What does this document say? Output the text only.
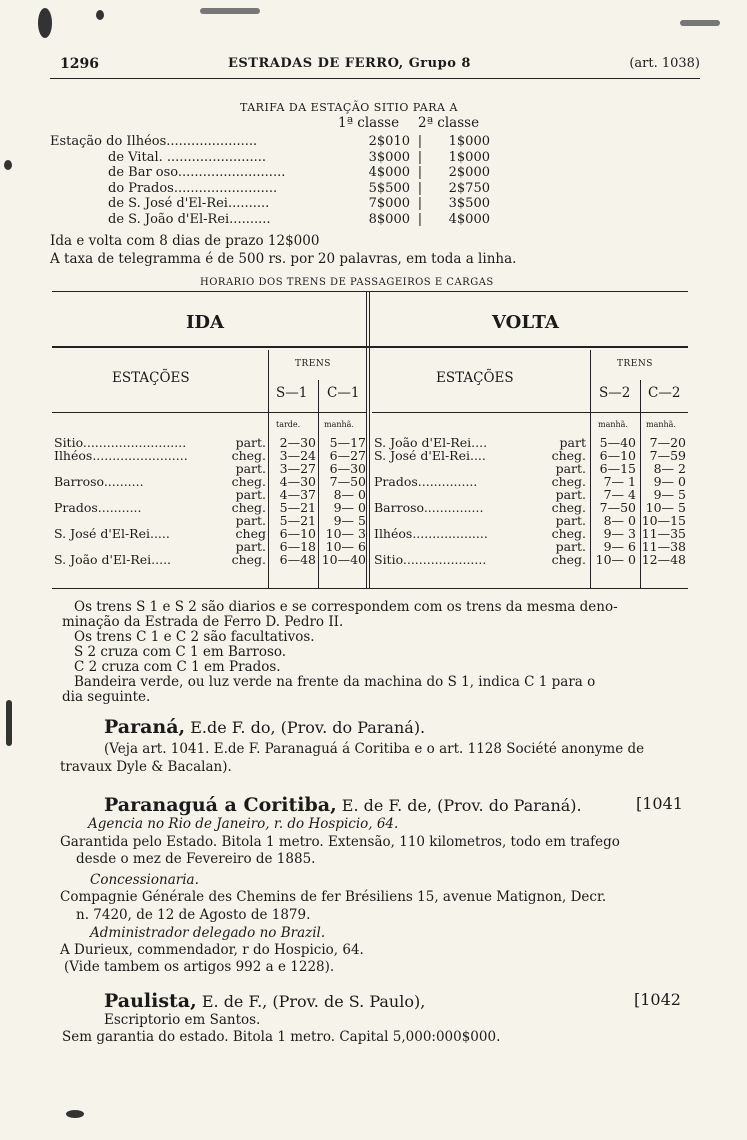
1296	ESTRADAS DE FERRO, Grupo 8	(art. 1038)
TARIFA DA ESTAÇÃO SITIO PARA A
1ª classe 2ª classe
Estação do Ilhéos......................	2$010	|	1$000
de Vital. ........................	3$000	|	1$000
de Bar oso..........................	4$000	|	2$000
do Prados.........................	5$500	|	2$750
de S. José d'El-Rei..........	7$000	|	3$500
de S. João d'El-Rei..........	8$000	|	4$000
Ida e volta com 8 dias de prazo 12$000
A taxa de telegramma é de 500 rs. por 20 palavras, em toda a linha.
HORARIO DOS TRENS DE PASSAGEIROS E CARGAS
IDA	VOLTA
ESTAÇÕES
TRENS
S—1 C—1
tarde.	manhã.
ESTAÇÕES
TRENS
S—2 C—2
manhã. manhã.
Sitio..........................	part.	2—30	5—17
Ilhéos........................	cheg.	3—24	6—27
	part.	3—27	6—30
Barroso..........	cheg.	4—30	7—50
	part.	4—37	8— 0
Prados...........	cheg.	5—21	9— 0
	part.	5—21	9— 5
S. José d'El-Rei.....	cheg	6—10	10— 3
	part.	6—18	10— 6
S. João d'El-Rei.....	cheg.	6—48	10—40
S. João d'El-Rei....	part	5—40	7—20
S. José d'El-Rei....	cheg.	6—10	7—59
	part.	6—15	8— 2
Prados...............	cheg.	7— 1	9— 0
	part.	7— 4	9— 5
Barroso...............	cheg.	7—50	10— 5
	part.	8— 0	10—15
Ilhéos...................	cheg.	9— 3	11—35
	part.	9— 6	11—38
Sitio.....................	cheg.	10— 0	12—48
Os trens S 1 e S 2 são diarios e se correspondem com os trens da mesma deno-
minação da Estrada de Ferro D. Pedro II.
Os trens C 1 e C 2 são facultativos.
S 2 cruza com C 1 em Barroso.
C 2 cruza com C 1 em Prados.
Bandeira verde, ou luz verde na frente da machina do S 1, indica C 1 para o
dia seguinte.
Paraná, E.de F. do, (Prov. do Paraná).
(Veja art. 1041. E.de F. Paranaguá á Coritiba e o art. 1128 Société anonyme de
travaux Dyle & Bacalan).
Paranaguá a Coritiba, E. de F. de, (Prov. do Paraná).	[1041
Agencia no Rio de Janeiro, r. do Hospicio, 64.
Garantida pelo Estado. Bitola 1 metro. Extensão, 110 kilometros, todo em trafego
desde o mez de Fevereiro de 1885.
Concessionaria.
Compagnie Générale des Chemins de fer Brésiliens 15, avenue Matignon, Decr.
n. 7420, de 12 de Agosto de 1879.
Administrador delegado no Brazil.
A Durieux, commendador, r do Hospicio, 64.
(Vide tambem os artigos 992 a e 1228).
Paulista, E. de F., (Prov. de S. Paulo),	[1042
Escriptorio em Santos.
Sem garantia do estado. Bitola 1 metro. Capital 5,000:000$000.
